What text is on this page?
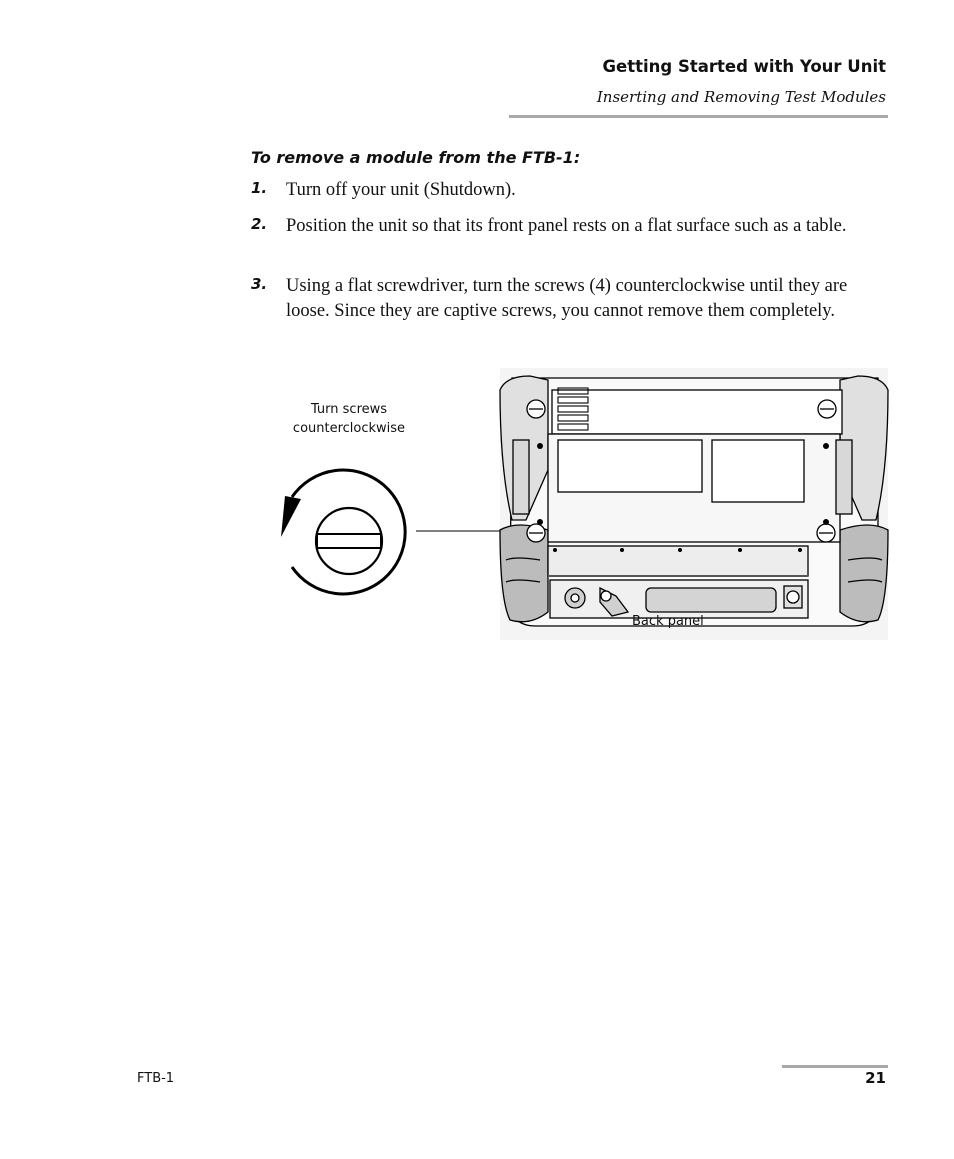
Getting Started with Your Unit
Inserting and Removing Test Modules
To remove a module from the FTB-1:
1. Turn off your unit (Shutdown).
2. Position the unit so that its front panel rests on a flat surface such as a table.
3. Using a flat screwdriver, turn the screws (4) counterclockwise until they are loose. Since they are captive screws, you cannot remove them completely.
Turn screws
counterclockwise
Back panel
FTB-1	21
